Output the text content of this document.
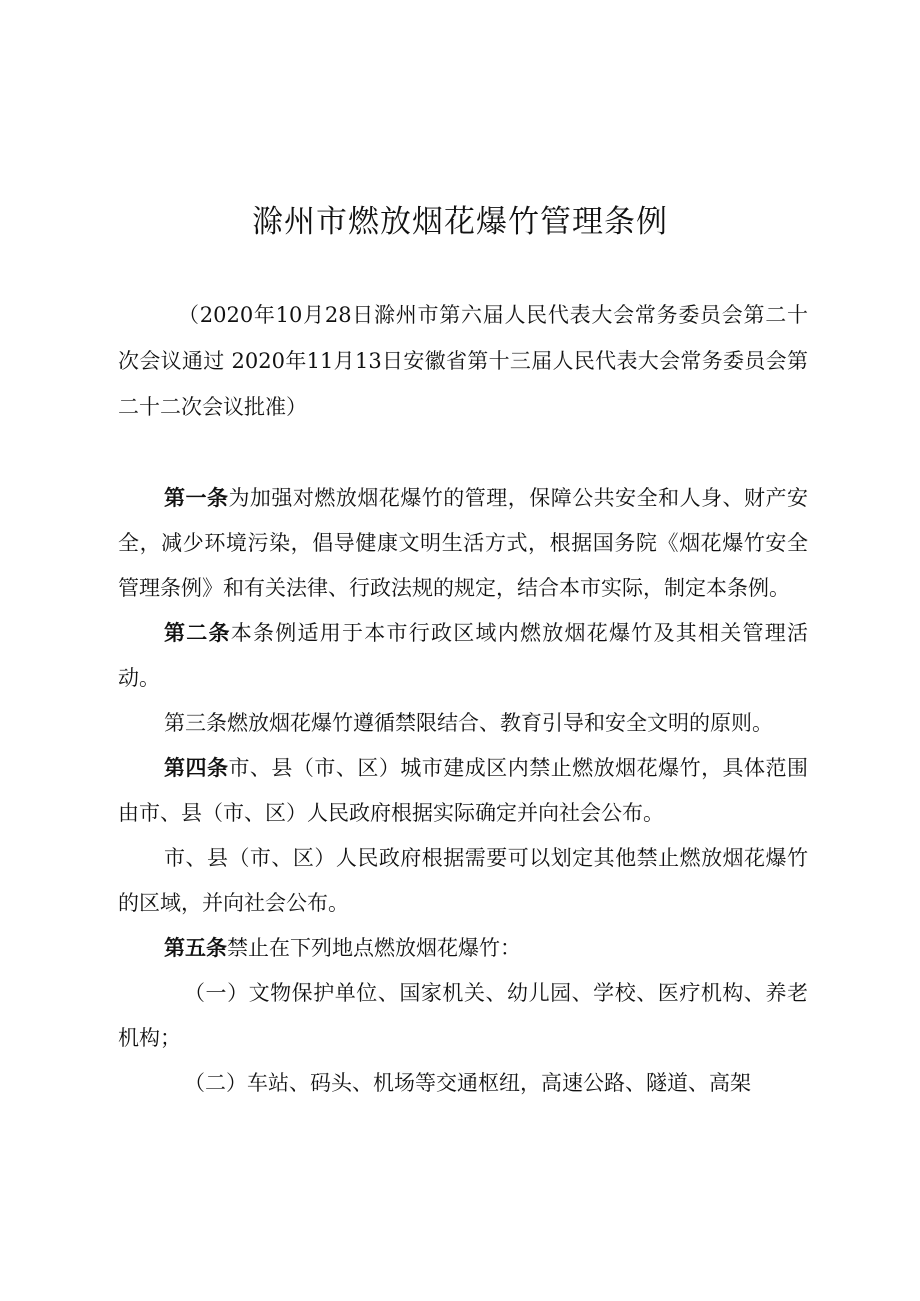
滁州市燃放烟花爆竹管理条例
（2020年10月28日滁州市第六届人民代表大会常务委员会第二十次会议通过 2020年11月13日安徽省第十三届人民代表大会常务委员会第二十二次会议批准）

第一条为加强对燃放烟花爆竹的管理，保障公共安全和人身、财产安全，减少环境污染，倡导健康文明生活方式，根据国务院《烟花爆竹安全管理条例》和有关法律、行政法规的规定，结合本市实际，制定本条例。

第二条本条例适用于本市行政区域内燃放烟花爆竹及其相关管理活动。

第三条燃放烟花爆竹遵循禁限结合、教育引导和安全文明的原则。

第四条市、县（市、区）城市建成区内禁止燃放烟花爆竹，具体范围由市、县（市、区）人民政府根据实际确定并向社会公布。

市、县（市、区）人民政府根据需要可以划定其他禁止燃放烟花爆竹的区域，并向社会公布。

第五条禁止在下列地点燃放烟花爆竹：

（一）文物保护单位、国家机关、幼儿园、学校、医疗机构、养老机构；

（二）车站、码头、机场等交通枢纽，高速公路、隧道、高架
